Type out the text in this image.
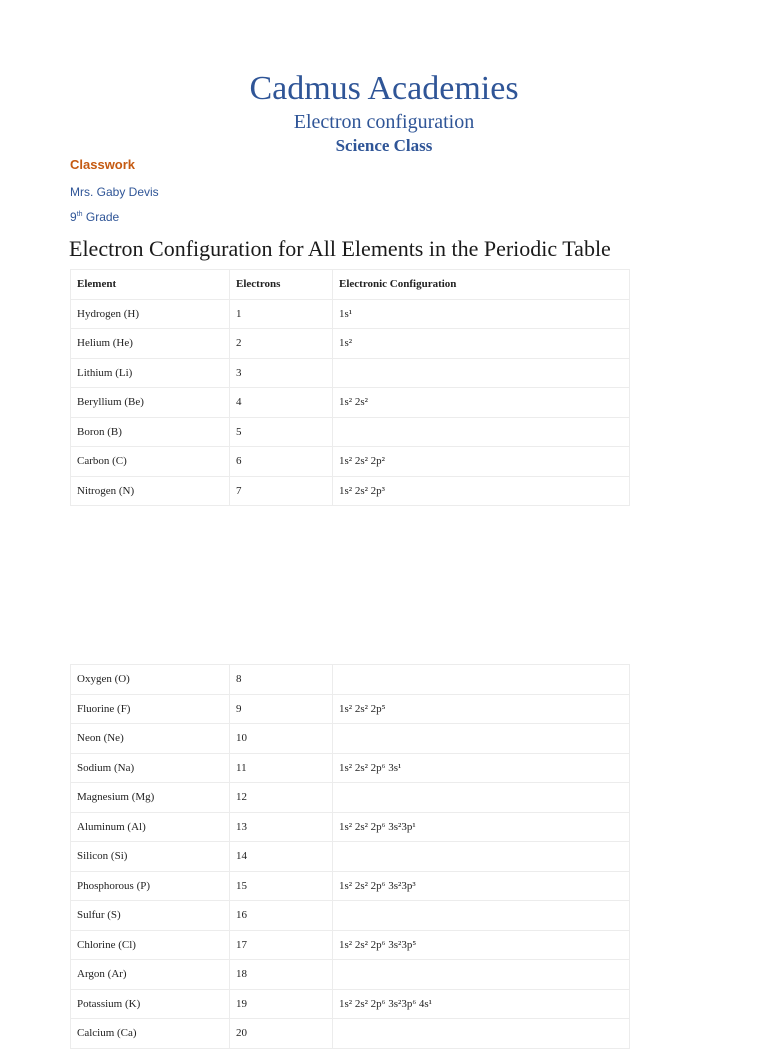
Cadmus Academies
Electron configuration
Science Class
Classwork
Mrs. Gaby Devis
9th Grade
Electron Configuration for All Elements in the Periodic Table
Element	Electrons	Electronic Configuration
Hydrogen (H)	1	1s¹
Helium (He)	2	1s²
Lithium (Li)	3	
Beryllium (Be)	4	1s² 2s²
Boron (B)	5	
Carbon (C)	6	1s² 2s² 2p²
Nitrogen (N)	7	1s² 2s² 2p³
Oxygen (O)	8	
Fluorine (F)	9	1s² 2s² 2p⁵
Neon (Ne)	10	
Sodium (Na)	11	1s² 2s² 2p⁶ 3s¹
Magnesium (Mg)	12	
Aluminum (Al)	13	1s² 2s² 2p⁶ 3s²3p¹
Silicon (Si)	14	
Phosphorous (P)	15	1s² 2s² 2p⁶ 3s²3p³
Sulfur (S)	16	
Chlorine (Cl)	17	1s² 2s² 2p⁶ 3s²3p⁵
Argon (Ar)	18	
Potassium (K)	19	1s² 2s² 2p⁶ 3s²3p⁶ 4s¹
Calcium (Ca)	20	
